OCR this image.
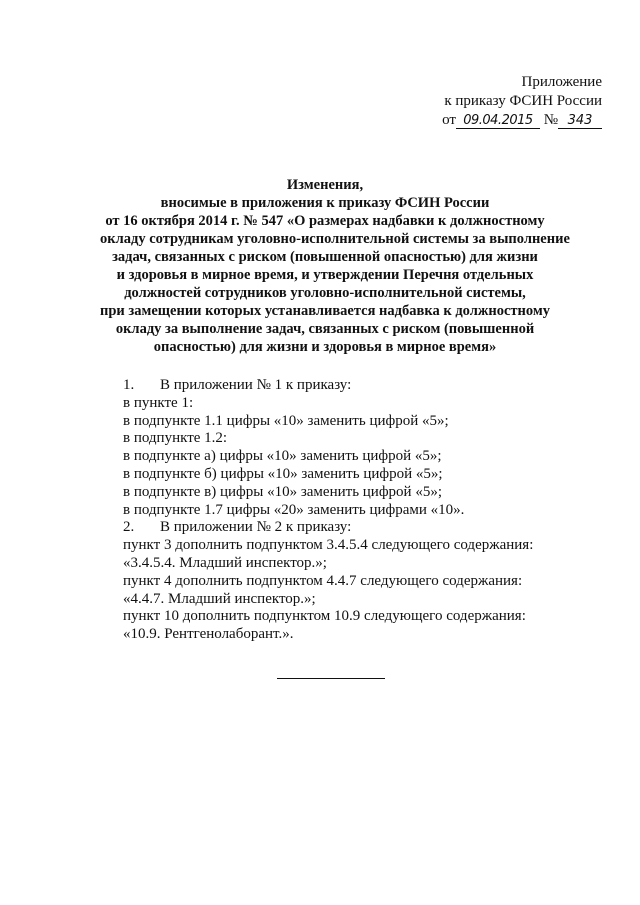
Приложение
к приказу ФСИН России
от 09.04.2015 № 343
Изменения,
вносимые в приложения к приказу ФСИН России
от 16 октября 2014 г. № 547 «О размерах надбавки к должностному
окладу сотрудникам уголовно-исполнительной системы за выполнение
задач, связанных с риском (повышенной опасностью) для жизни
и здоровья в мирное время, и утверждении Перечня отдельных
должностей сотрудников уголовно-исполнительной системы,
при замещении которых устанавливается надбавка к должностному
окладу за выполнение задач, связанных с риском (повышенной
опасностью) для жизни и здоровья в мирное время»
1. В приложении № 1 к приказу:
в пункте 1:
в подпункте 1.1 цифры «10» заменить цифрой «5»;
в подпункте 1.2:
в подпункте а) цифры «10» заменить цифрой «5»;
в подпункте б) цифры «10» заменить цифрой «5»;
в подпункте в) цифры «10» заменить цифрой «5»;
в подпункте 1.7 цифры «20» заменить цифрами «10».
2. В приложении № 2 к приказу:
пункт 3 дополнить подпунктом 3.4.5.4 следующего содержания:
«3.4.5.4. Младший инспектор.»;
пункт 4 дополнить подпунктом 4.4.7 следующего содержания:
«4.4.7. Младший инспектор.»;
пункт 10 дополнить подпунктом 10.9 следующего содержания:
«10.9. Рентгенолаборант.».
